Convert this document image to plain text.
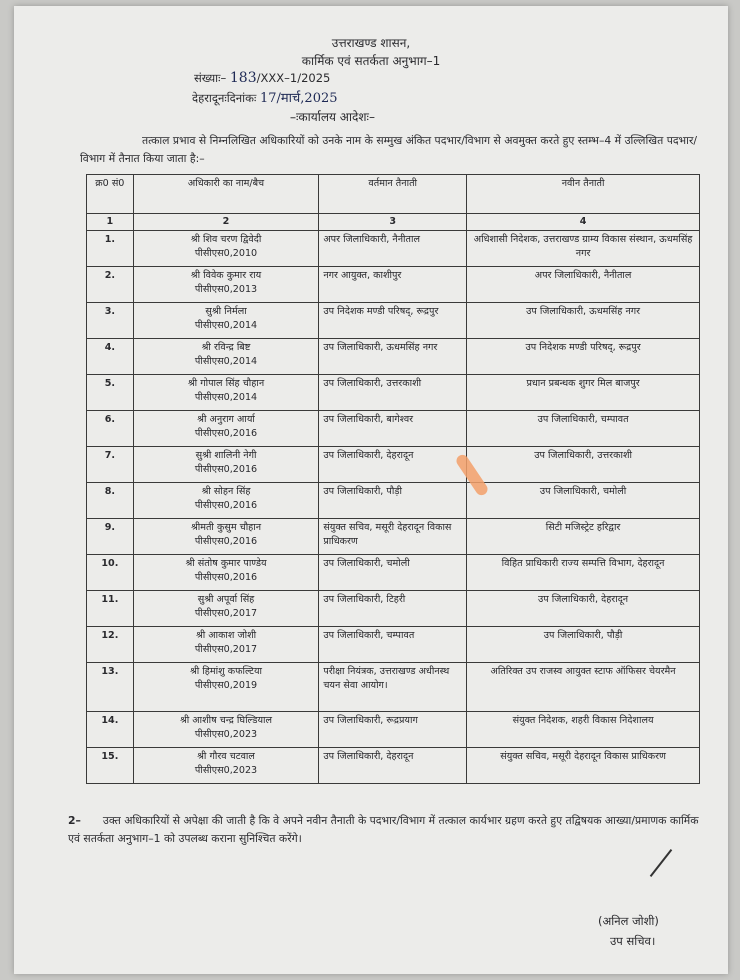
उत्तराखण्ड शासन,
कार्मिक एवं सतर्कता अनुभाग–1
संख्याः– 183/XXX–1/2025
देहरादूनःदिनांकः 17/मार्च,2025
–ःकार्यालय आदेशः–

तत्काल प्रभाव से निम्नलिखित अधिकारियों को उनके नाम के सम्मुख अंकित पदभार/विभाग से अवमुक्त करते हुए स्तम्भ–4 में उल्लिखित पदभार/विभाग में तैनात किया जाता है:–

क्र0 सं0	अधिकारी का नाम/बैच	वर्तमान तैनाती	नवीन तैनाती
1	2	3	4
1.	श्री शिव चरण द्विवेदी
पीसीएस0,2010	अपर जिलाधिकारी, नैनीताल	अधिशासी निदेशक, उत्तराखण्ड ग्राम्य विकास संस्थान, ऊधमसिंह नगर
2.	श्री विवेक कुमार राय
पीसीएस0,2013	नगर आयुक्त, काशीपुर	अपर जिलाधिकारी, नैनीताल
3.	सुश्री निर्मला
पीसीएस0,2014	उप निदेशक मण्डी परिषद्, रूद्रपुर	उप जिलाधिकारी, ऊधमसिंह नगर
4.	श्री रविन्द्र बिष्ट
पीसीएस0,2014	उप जिलाधिकारी, ऊधमसिंह नगर	उप निदेशक मण्डी परिषद्, रूद्रपुर
5.	श्री गोपाल सिंह चौहान
पीसीएस0,2014	उप जिलाधिकारी, उत्तरकाशी	प्रधान प्रबन्धक शुगर मिल बाजपुर
6.	श्री अनुराग आर्या
पीसीएस0,2016	उप जिलाधिकारी, बागेश्वर	उप जिलाधिकारी, चम्पावत
7.	सुश्री शालिनी नेगी
पीसीएस0,2016	उप जिलाधिकारी, देहरादून	उप जिलाधिकारी, उत्तरकाशी
8.	श्री सोहन सिंह
पीसीएस0,2016	उप जिलाधिकारी, पौड़ी	उप जिलाधिकारी, चमोली
9.	श्रीमती कुसुम चौहान
पीसीएस0,2016	संयुक्त सचिव, मसूरी देहरादून विकास प्राधिकरण	सिटी मजिस्ट्रेट हरिद्वार
10.	श्री संतोष कुमार पाण्डेय
पीसीएस0,2016	उप जिलाधिकारी, चमोली	विहित प्राधिकारी राज्य सम्पत्ति विभाग, देहरादून
11.	सुश्री अपूर्वा सिंह
पीसीएस0,2017	उप जिलाधिकारी, टिहरी	उप जिलाधिकारी, देहरादून
12.	श्री आकाश जोशी
पीसीएस0,2017	उप जिलाधिकारी, चम्पावत	उप जिलाधिकारी, पौड़ी
13.	श्री हिमांशु कफल्टिया
पीसीएस0,2019	परीक्षा नियंत्रक, उत्तराखण्ड अधीनस्थ चयन सेवा आयोग।	अतिरिक्त उप राजस्व आयुक्त स्टाफ ऑफिसर चेयरमैन
14.	श्री आशीष चन्द्र घिल्डियाल
पीसीएस0,2023	उप जिलाधिकारी, रूद्रप्रयाग	संयुक्त निदेशक, शहरी विकास निदेशालय
15.	श्री गौरव चटवाल
पीसीएस0,2023	उप जिलाधिकारी, देहरादून	संयुक्त सचिव, मसूरी देहरादून विकास प्राधिकरण
2– उक्त अधिकारियों से अपेक्षा की जाती है कि वे अपने नवीन तैनाती के पदभार/विभाग में तत्काल कार्यभार ग्रहण करते हुए तद्विषयक आख्या/प्रमाणक कार्मिक एवं सतर्कता अनुभाग–1 को उपलब्ध कराना सुनिश्चित करेंगे।
(अनिल जोशी)
उप सचिव।
